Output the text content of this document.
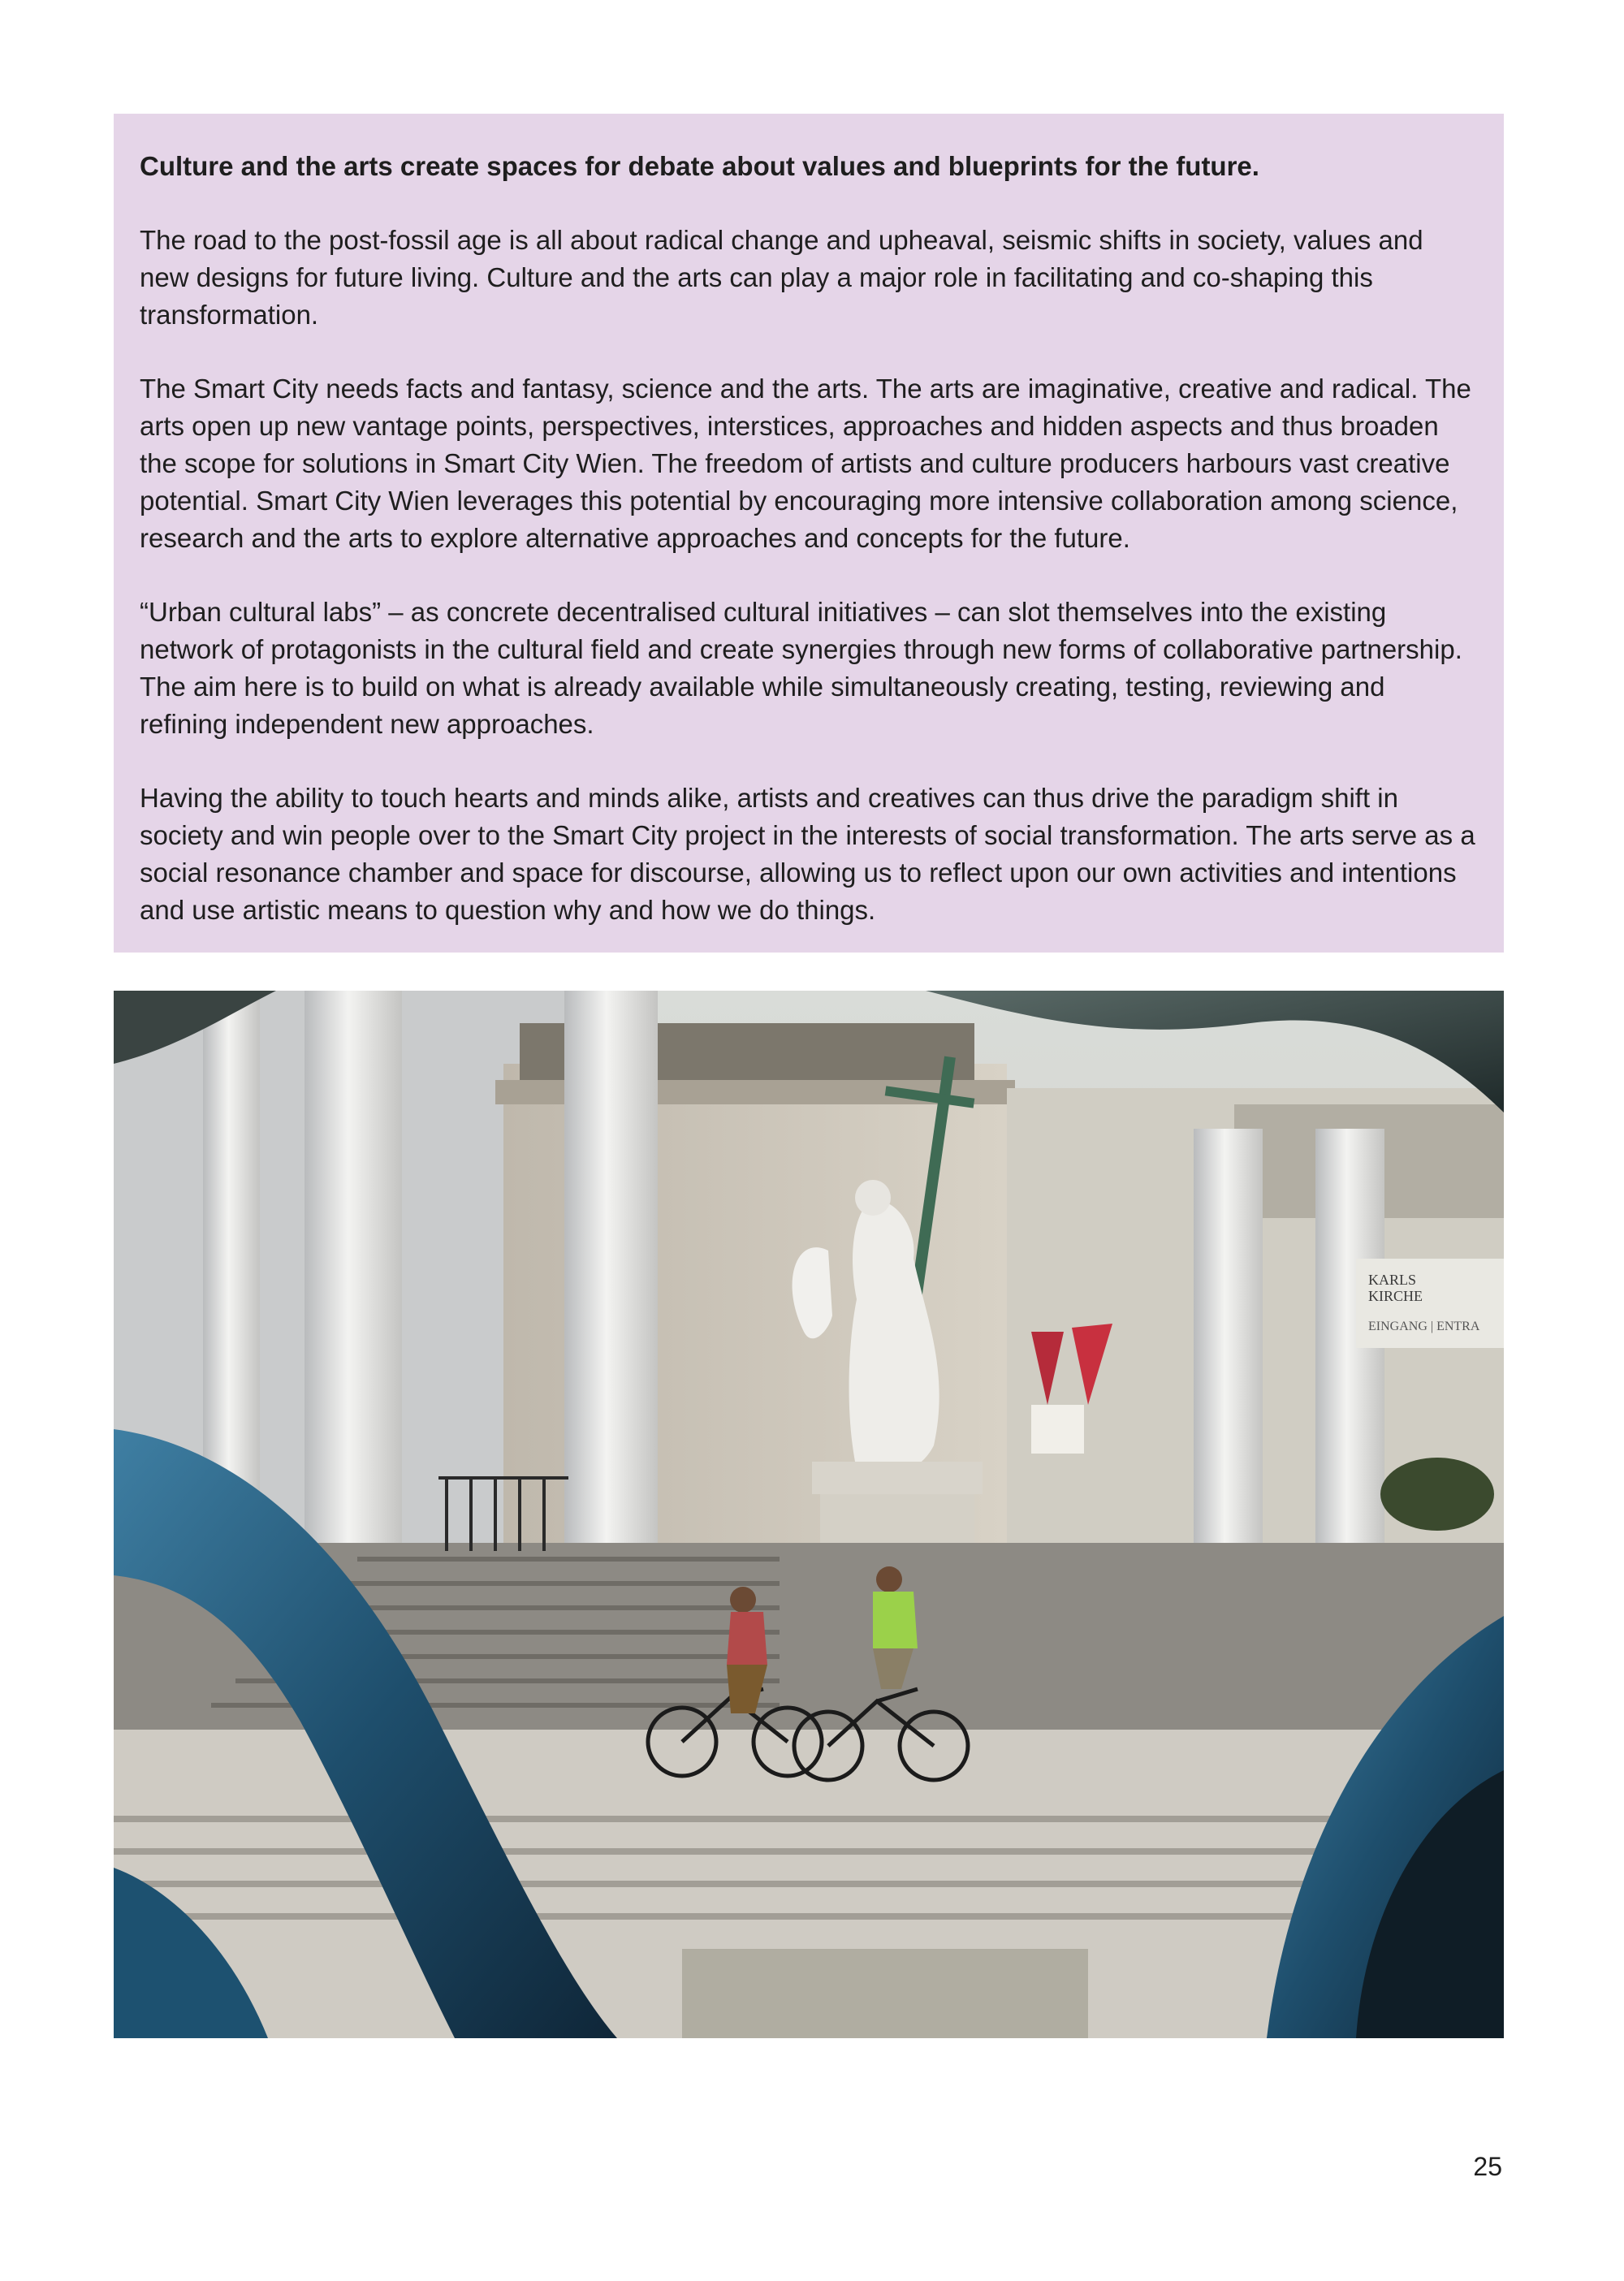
Culture and the arts create spaces for debate about values and blueprints for the future.

The road to the post-fossil age is all about radical change and upheaval, seismic shifts in society, values and new designs for future living. Culture and the arts can play a major role in facilitating and co-shaping this transformation.

The Smart City needs facts and fantasy, science and the arts. The arts are imaginative, creative and radical. The arts open up new vantage points, perspectives, interstices, approaches and hidden aspects and thus broaden the scope for solutions in Smart City Wien. The freedom of artists and culture producers harbours vast creative potential. Smart City Wien leverages this potential by encouraging more intensive collaboration among science, research and the arts to explore alternative approaches and concepts for the future.

“Urban cultural labs” – as concrete decentralised cultural initiatives – can slot themselves into the existing network of protagonists in the cultural field and create synergies through new forms of collaborative partnership. The aim here is to build on what is already available while simultaneously creating, testing, reviewing and refining independent new approaches.

Having the ability to touch hearts and minds alike, artists and creatives can thus drive the paradigm shift in society and win people over to the Smart City project in the interests of social transformation. The arts serve as a social resonance chamber and space for discourse, allowing us to reflect upon our own activities and intentions and use artistic means to question why and how we do things.

KARLS
KIRCHE
EINGANG | ENTRA
25
